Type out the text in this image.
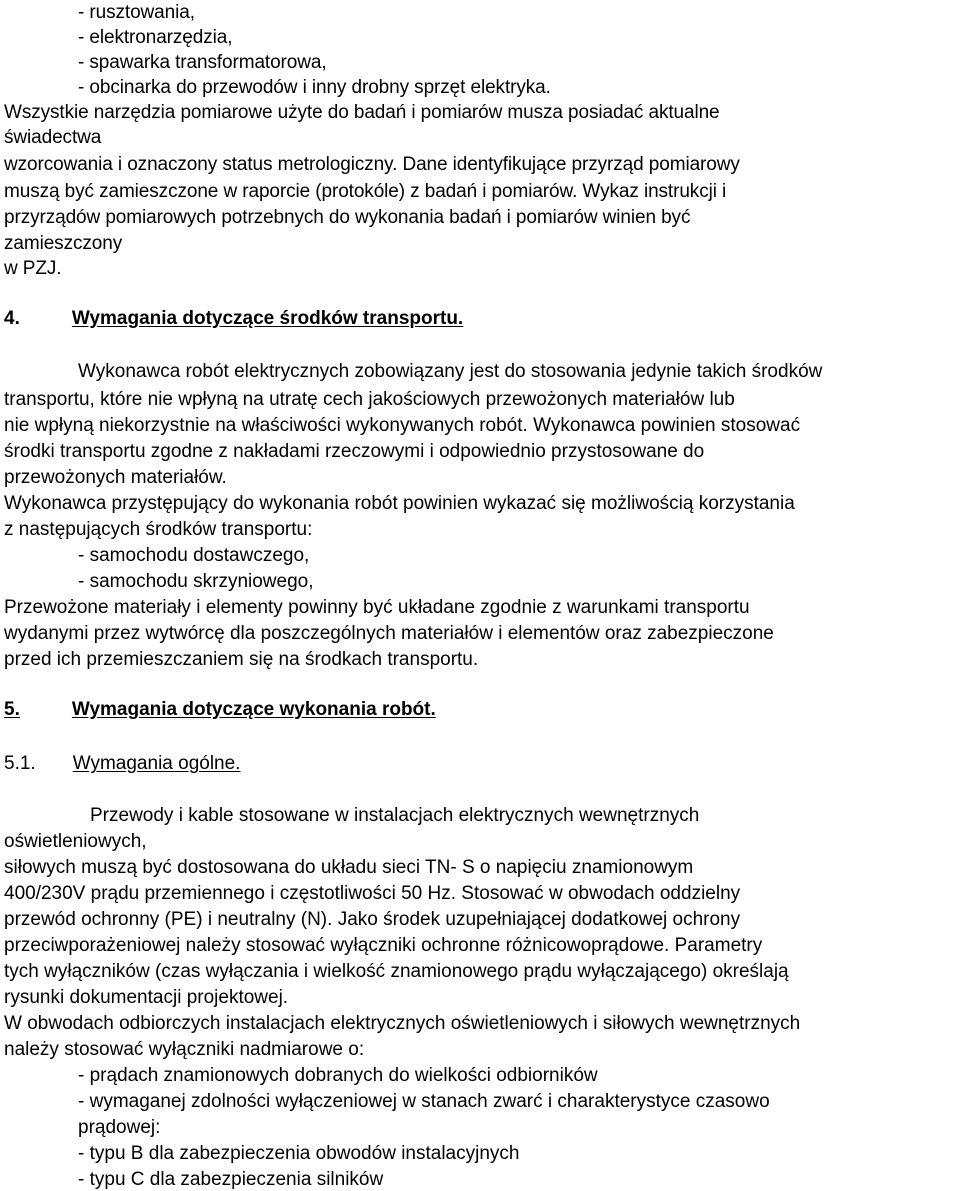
- rusztowania,
- elektronarzędzia,
- spawarka transformatorowa,
- obcinarka do przewodów i inny drobny sprzęt elektryka.
Wszystkie narzędzia pomiarowe użyte do badań i pomiarów musza posiadać aktualne
świadectwa
wzorcowania i oznaczony status metrologiczny. Dane identyfikujące przyrząd pomiarowy
muszą być zamieszczone w raporcie (protokóle) z badań i pomiarów. Wykaz instrukcji i
przyrządów pomiarowych potrzebnych do wykonania badań i pomiarów winien być
zamieszczony
w PZJ.
4.	Wymagania dotyczące środków transportu.
Wykonawca robót elektrycznych zobowiązany jest do stosowania jedynie takich środków
transportu, które nie wpłyną na utratę cech jakościowych przewożonych materiałów lub
nie wpłyną niekorzystnie na właściwości wykonywanych robót. Wykonawca powinien stosować
środki transportu zgodne z nakładami rzeczowymi i odpowiednio przystosowane do
przewożonych materiałów.
Wykonawca przystępujący do wykonania robót powinien wykazać się możliwością korzystania
z następujących środków transportu:
- samochodu dostawczego,
- samochodu skrzyniowego,
Przewożone materiały i elementy powinny być układane zgodnie z warunkami transportu
wydanymi przez wytwórcę dla poszczególnych materiałów i elementów oraz zabezpieczone
przed ich przemieszczaniem się na środkach transportu.
5.	Wymagania dotyczące wykonania robót.
5.1. Wymagania ogólne.
Przewody i kable stosowane w instalacjach elektrycznych wewnętrznych
oświetleniowych,
siłowych muszą być dostosowana do układu sieci TN- S o napięciu znamionowym
400/230V prądu przemiennego i częstotliwości 50 Hz. Stosować w obwodach oddzielny
przewód ochronny (PE) i neutralny (N). Jako środek uzupełniającej dodatkowej ochrony
przeciwporażeniowej należy stosować wyłączniki ochronne różnicowoprądowe. Parametry
tych wyłączników (czas wyłączania i wielkość znamionowego prądu wyłączającego) określają
rysunki dokumentacji projektowej.
W obwodach odbiorczych instalacjach elektrycznych oświetleniowych i siłowych wewnętrznych
należy stosować wyłączniki nadmiarowe o:
- prądach znamionowych dobranych do wielkości odbiorników
- wymaganej zdolności wyłączeniowej w stanach zwarć i charakterystyce czasowo
prądowej:
- typu B dla zabezpieczenia obwodów instalacyjnych
- typu C dla zabezpieczenia silników
